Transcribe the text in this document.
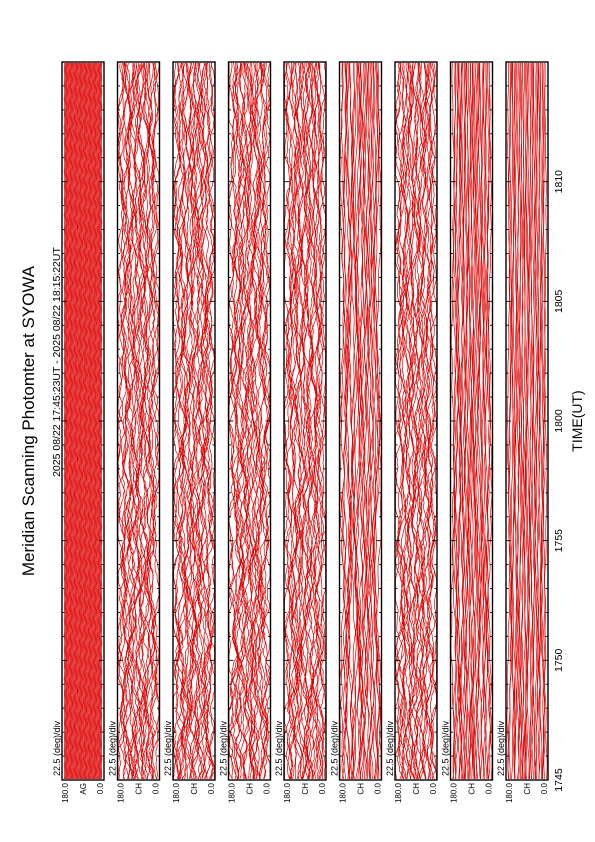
Meridian Scanning Photomter at SYOWA 2025 08/22 17:45:23UT - 2025 08/22 18:15:22UT	TIME(UT)
180.0	0.0
AG
22.5 (deg)/div
180.0	0.0
CH
22.5 (deg)/div
180.0	0.0
CH
22.5 (deg)/div
180.0	0.0
CH
22.5 (deg)/div
180.0	0.0
CH
22.5 (deg)/div
180.0	0.0
CH
22.5 (deg)/div
180.0	0.0
CH
22.5 (deg)/div
180.0	0.0
CH
22.5 (deg)/div
180.0	0.0
CH
22.5 (deg)/div
1745
1750
1755
1800
1805
1810
